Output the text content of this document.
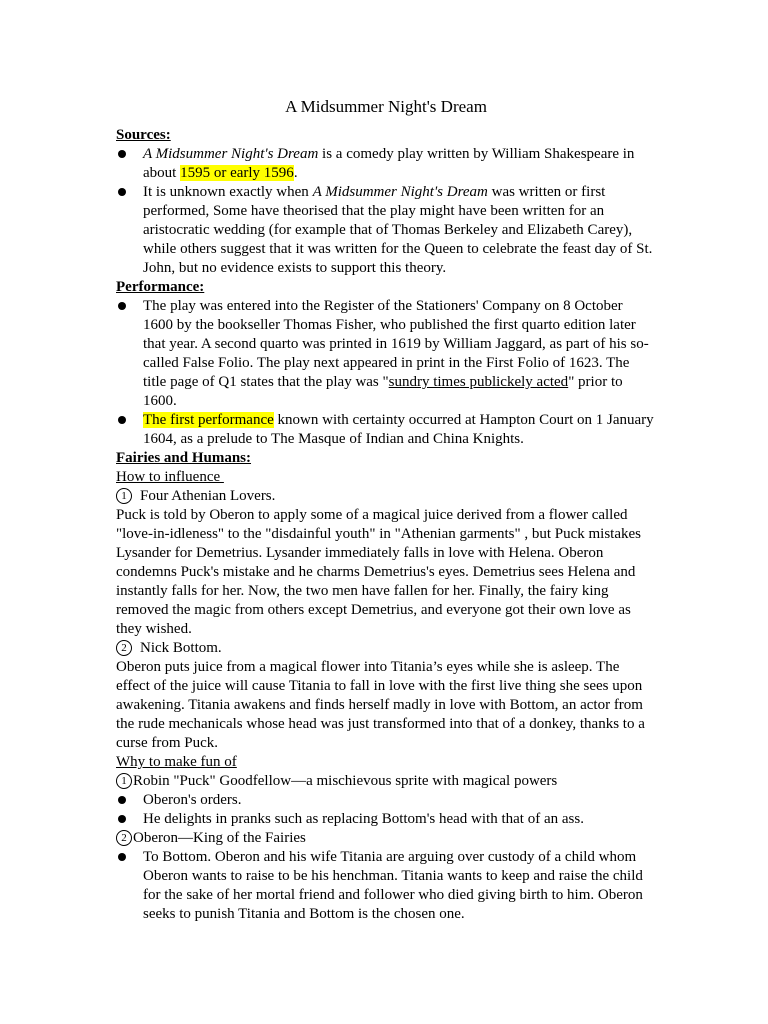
A Midsummer Night's Dream
Sources:

A Midsummer Night's Dream is a comedy play written by William Shakespeare in about 1595 or early 1596.

It is unknown exactly when A Midsummer Night's Dream was written or first performed, Some have theorised that the play might have been written for an aristocratic wedding (for example that of Thomas Berkeley and Elizabeth Carey), while others suggest that it was written for the Queen to celebrate the feast day of St. John, but no evidence exists to support this theory.

Performance:

The play was entered into the Register of the Stationers' Company on 8 October 1600 by the bookseller Thomas Fisher, who published the first quarto edition later that year. A second quarto was printed in 1619 by William Jaggard, as part of his so-called False Folio. The play next appeared in print in the First Folio of 1623. The title page of Q1 states that the play was "sundry times publickely acted" prior to 1600.

The first performance known with certainty occurred at Hampton Court on 1 January 1604, as a prelude to The Masque of Indian and China Knights.

Fairies and Humans:
How to influence

1 Four Athenian Lovers.

Puck is told by Oberon to apply some of a magical juice derived from a flower called "love-in-idleness" to the "disdainful youth" in "Athenian garments" , but Puck mistakes Lysander for Demetrius. Lysander immediately falls in love with Helena. Oberon condemns Puck's mistake and he charms Demetrius's eyes. Demetrius sees Helena and instantly falls for her. Now, the two men have fallen for her. Finally, the fairy king removed the magic from others except Demetrius, and everyone got their own love as they wished.

2 Nick Bottom.

Oberon puts juice from a magical flower into Titania’s eyes while she is asleep. The effect of the juice will cause Titania to fall in love with the first live thing she sees upon awakening. Titania awakens and finds herself madly in love with Bottom, an actor from the rude mechanicals whose head was just transformed into that of a donkey, thanks to a curse from Puck.

Why to make fun of

1 Robin "Puck" Goodfellow—a mischievous sprite with magical powers

Oberon's orders.

He delights in pranks such as replacing Bottom's head with that of an ass.

2 Oberon—King of the Fairies

To Bottom. Oberon and his wife Titania are arguing over custody of a child whom Oberon wants to raise to be his henchman. Titania wants to keep and raise the child for the sake of her mortal friend and follower who died giving birth to him. Oberon seeks to punish Titania and Bottom is the chosen one.
